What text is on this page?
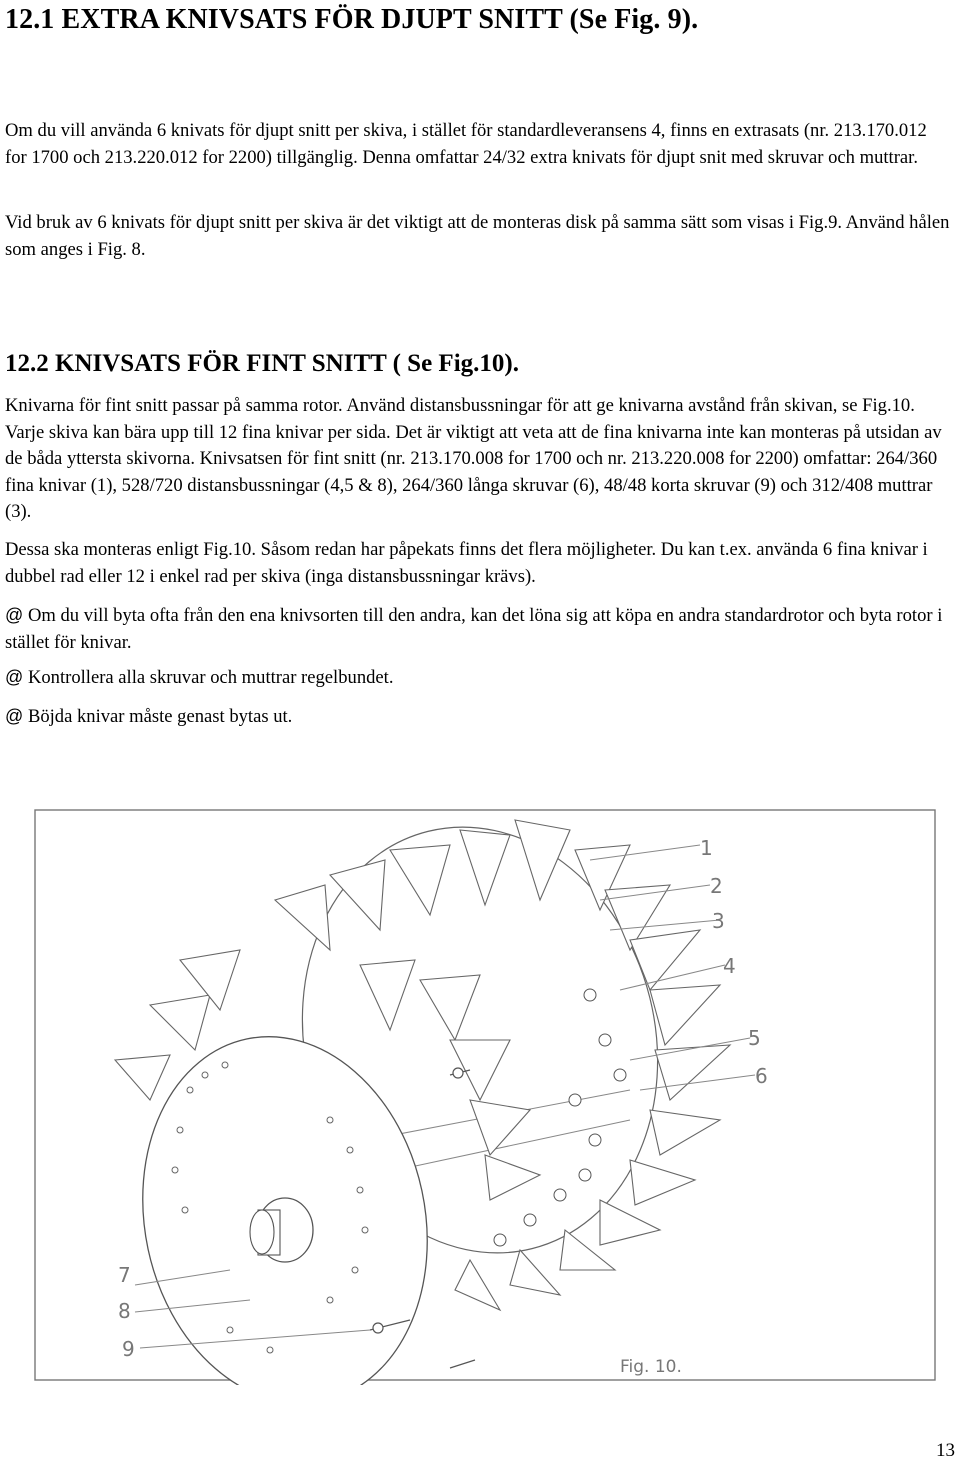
12.1 EXTRA KNIVSATS FÖR DJUPT SNITT (Se Fig. 9).

Om du vill använda 6 knivats för djupt snitt per skiva, i stället för standardleveransens 4, finns en extrasats (nr. 213.170.012 for 1700 och 213.220.012 for 2200) tillgänglig. Denna omfattar 24/32 extra knivats för djupt snit med skruvar och muttrar.

Vid bruk av 6 knivats för djupt snitt per skiva är det viktigt att de monteras disk på samma sätt som visas i Fig.9. Använd hålen som anges i Fig. 8.

12.2 KNIVSATS FÖR FINT SNITT ( Se Fig.10).

Knivarna för fint snitt passar på samma rotor. Använd distansbussningar för att ge knivarna avstånd från skivan, se Fig.10. Varje skiva kan bära upp till 12 fina knivar per sida. Det är viktigt att veta att de fina knivarna inte kan monteras på utsidan av de båda yttersta skivorna. Knivsatsen för fint snitt (nr. 213.170.008 for 1700 och nr. 213.220.008 for 2200) omfattar: 264/360 fina knivar (1), 528/720 distansbussningar (4,5 & 8), 264/360 långa skruvar (6), 48/48 korta skruvar (9) och 312/408 muttrar (3).

Dessa ska monteras enligt Fig.10. Såsom redan har påpekats finns det flera möjligheter. Du kan t.ex. använda 6 fina knivar i dubbel rad eller 12 i enkel rad per skiva (inga distansbussningar krävs).

@ Om du vill byta ofta från den ena knivsorten till den andra, kan det löna sig att köpa en andra standardrotor och byta rotor i stället för knivar.

@ Kontrollera alla skruvar och muttrar regelbundet.

@ Böjda knivar måste genast bytas ut.

1
2
3
4
5
6
7
8
9
Fig. 10.
13
